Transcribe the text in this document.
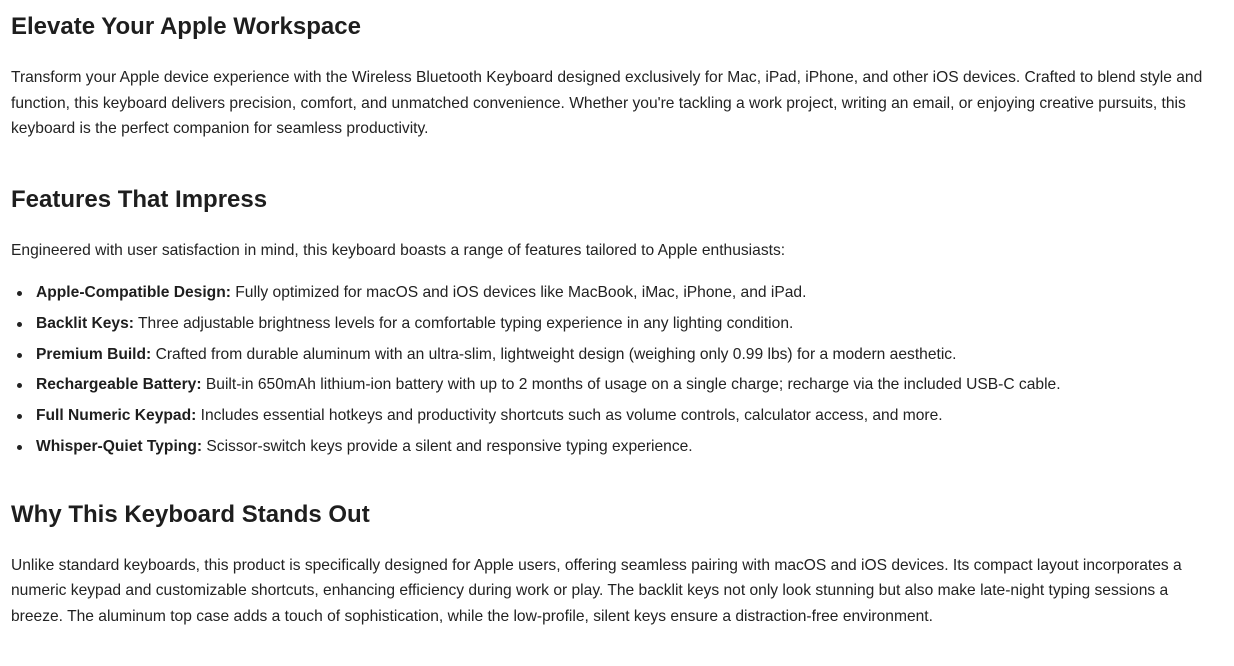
Elevate Your Apple Workspace

Transform your Apple device experience with the Wireless Bluetooth Keyboard designed exclusively for Mac, iPad, iPhone, and other iOS devices. Crafted to blend style and function, this keyboard delivers precision, comfort, and unmatched convenience. Whether you're tackling a work project, writing an email, or enjoying creative pursuits, this keyboard is the perfect companion for seamless productivity.

Features That Impress

Engineered with user satisfaction in mind, this keyboard boasts a range of features tailored to Apple enthusiasts:

Apple-Compatible Design: Fully optimized for macOS and iOS devices like MacBook, iMac, iPhone, and iPad.
Backlit Keys: Three adjustable brightness levels for a comfortable typing experience in any lighting condition.
Premium Build: Crafted from durable aluminum with an ultra-slim, lightweight design (weighing only 0.99 lbs) for a modern aesthetic.
Rechargeable Battery: Built-in 650mAh lithium-ion battery with up to 2 months of usage on a single charge; recharge via the included USB-C cable.
Full Numeric Keypad: Includes essential hotkeys and productivity shortcuts such as volume controls, calculator access, and more.
Whisper-Quiet Typing: Scissor-switch keys provide a silent and responsive typing experience.
Why This Keyboard Stands Out

Unlike standard keyboards, this product is specifically designed for Apple users, offering seamless pairing with macOS and iOS devices. Its compact layout incorporates a numeric keypad and customizable shortcuts, enhancing efficiency during work or play. The backlit keys not only look stunning but also make late-night typing sessions a breeze. The aluminum top case adds a touch of sophistication, while the low-profile, silent keys ensure a distraction-free environment.
